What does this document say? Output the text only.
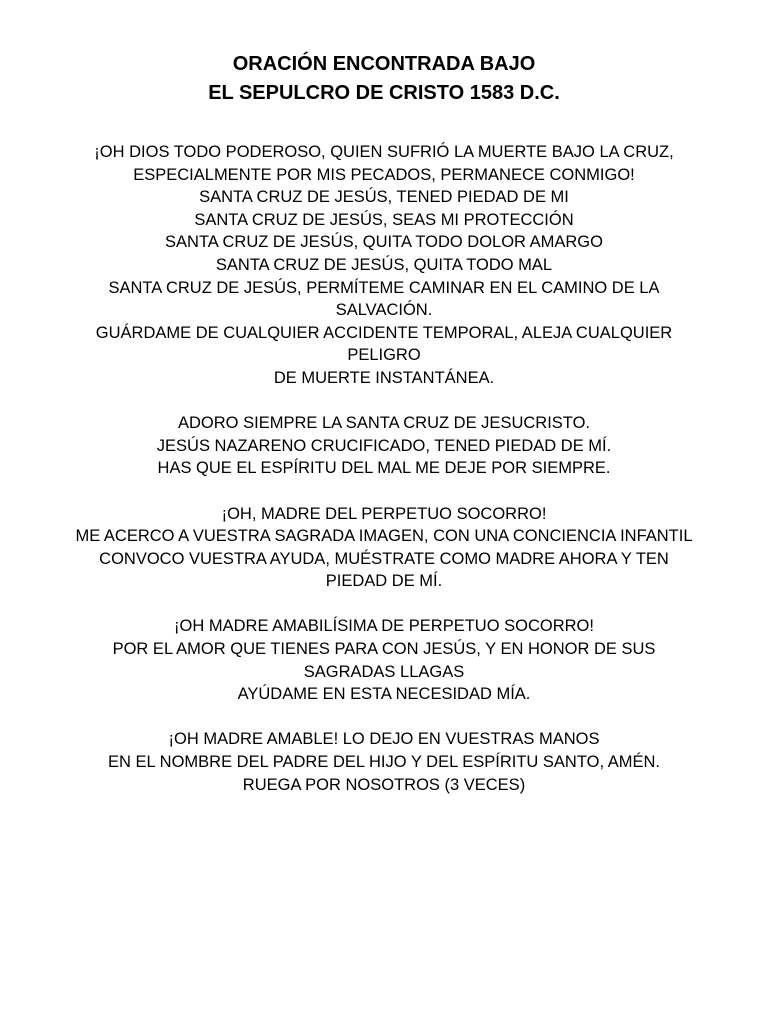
ORACIÓN ENCONTRADA BAJO
EL SEPULCRO DE CRISTO 1583 D.C.
¡OH DIOS TODO PODEROSO, QUIEN SUFRIÓ LA MUERTE BAJO LA CRUZ,
ESPECIALMENTE POR MIS PECADOS, PERMANECE CONMIGO!
SANTA CRUZ DE JESÚS, TENED PIEDAD DE MI
SANTA CRUZ DE JESÚS, SEAS MI PROTECCIÓN
SANTA CRUZ DE JESÚS, QUITA TODO DOLOR AMARGO
SANTA CRUZ DE JESÚS, QUITA TODO MAL
SANTA CRUZ DE JESÚS, PERMÍTEME CAMINAR EN EL CAMINO DE LA
SALVACIÓN.
GUÁRDAME DE CUALQUIER ACCIDENTE TEMPORAL, ALEJA CUALQUIER
PELIGRO
DE MUERTE INSTANTÁNEA.
ADORO SIEMPRE LA SANTA CRUZ DE JESUCRISTO.
JESÚS NAZARENO CRUCIFICADO, TENED PIEDAD DE MÍ.
HAS QUE EL ESPÍRITU DEL MAL ME DEJE POR SIEMPRE.
¡OH, MADRE DEL PERPETUO SOCORRO!
ME ACERCO A VUESTRA SAGRADA IMAGEN, CON UNA CONCIENCIA INFANTIL
CONVOCO VUESTRA AYUDA, MUÉSTRATE COMO MADRE AHORA Y TEN
PIEDAD DE MÍ.
¡OH MADRE AMABILÍSIMA DE PERPETUO SOCORRO!
POR EL AMOR QUE TIENES PARA CON JESÚS, Y EN HONOR DE SUS
SAGRADAS LLAGAS
AYÚDAME EN ESTA NECESIDAD MÍA.
¡OH MADRE AMABLE! LO DEJO EN VUESTRAS MANOS
EN EL NOMBRE DEL PADRE DEL HIJO Y DEL ESPÍRITU SANTO, AMÉN.
RUEGA POR NOSOTROS (3 VECES)
